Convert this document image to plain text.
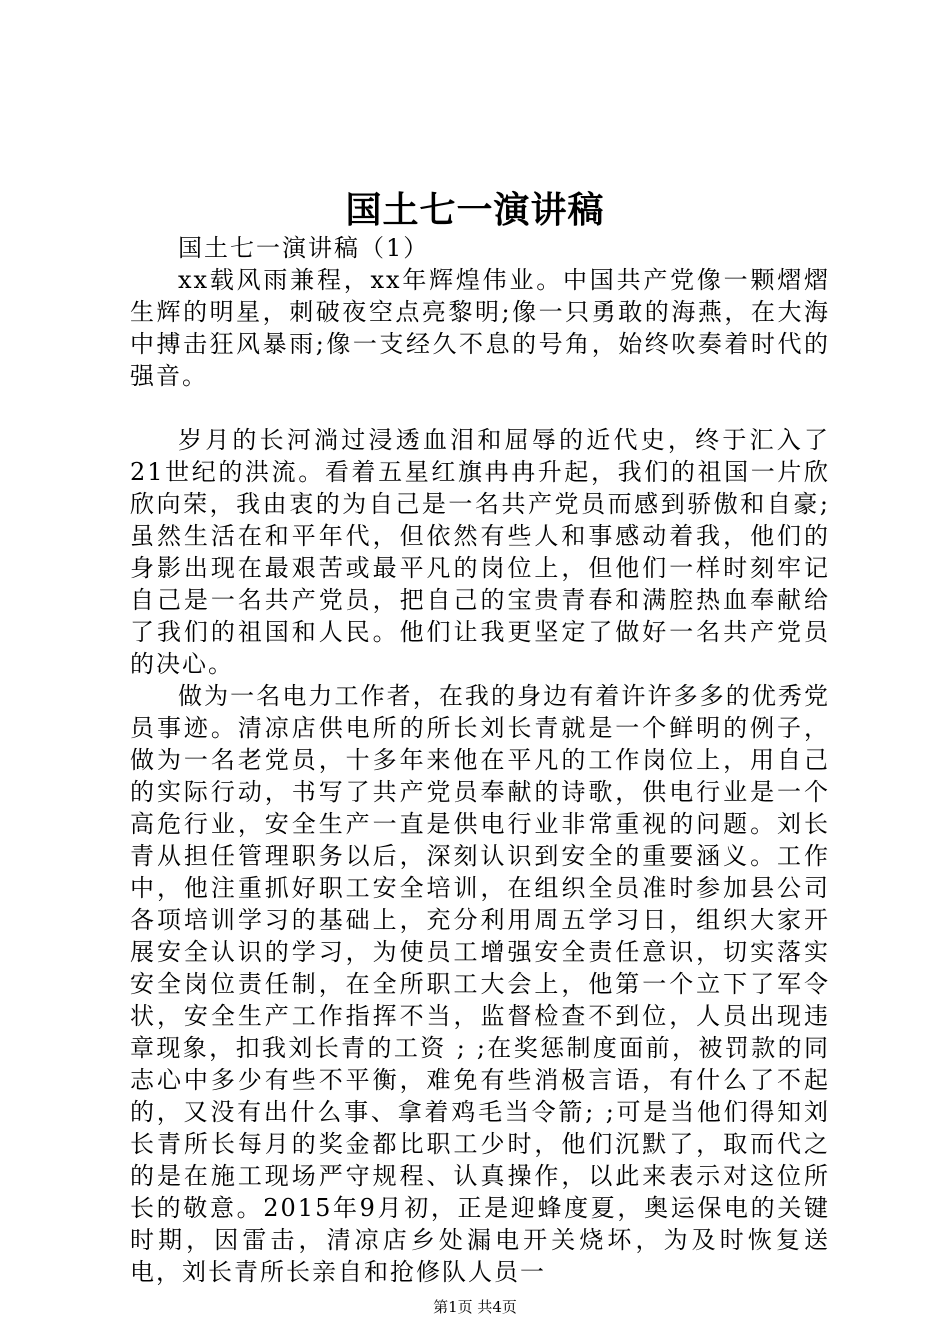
国土七一演讲稿

国土七一演讲稿（1）

xx载风雨兼程，xx年辉煌伟业。中国共产党像一颗熠熠生辉的明星，刺破夜空点亮黎明;像一只勇敢的海燕，在大海中搏击狂风暴雨;像一支经久不息的号角，始终吹奏着时代的强音。

岁月的长河淌过浸透血泪和屈辱的近代史，终于汇入了21世纪的洪流。看着五星红旗冉冉升起，我们的祖国一片欣欣向荣，我由衷的为自己是一名共产党员而感到骄傲和自豪;虽然生活在和平年代，但依然有些人和事感动着我，他们的身影出现在最艰苦或最平凡的岗位上，但他们一样时刻牢记自己是一名共产党员，把自己的宝贵青春和满腔热血奉献给了我们的祖国和人民。他们让我更坚定了做好一名共产党员的决心。

做为一名电力工作者，在我的身边有着许许多多的优秀党员事迹。清凉店供电所的所长刘长青就是一个鲜明的例子，做为一名老党员，十多年来他在平凡的工作岗位上，用自己的实际行动，书写了共产党员奉献的诗歌，供电行业是一个高危行业，安全生产一直是供电行业非常重视的问题。刘长青从担任管理职务以后，深刻认识到安全的重要涵义。工作中，他注重抓好职工安全培训，在组织全员准时参加县公司各项培训学习的基础上，充分利用周五学习日，组织大家开展安全认识的学习，为使员工增强安全责任意识，切实落实安全岗位责任制，在全所职工大会上，他第一个立下了军令状，安全生产工作指挥不当，监督检查不到位，人员出现违章现象，扣我刘长青的工资 ; ;在奖惩制度面前，被罚款的同志心中多少有些不平衡，难免有些消极言语，有什么了不起的，又没有出什么事、拿着鸡毛当令箭; ;可是当他们得知刘长青所长每月的奖金都比职工少时，他们沉默了，取而代之的是在施工现场严守规程、认真操作，以此来表示对这位所长的敬意。2015年9月初，正是迎蜂度夏，奥运保电的关键时期，因雷击，清凉店乡处漏电开关烧坏，为及时恢复送电，刘长青所长亲自和抢修队人员一

第1页 共4页
